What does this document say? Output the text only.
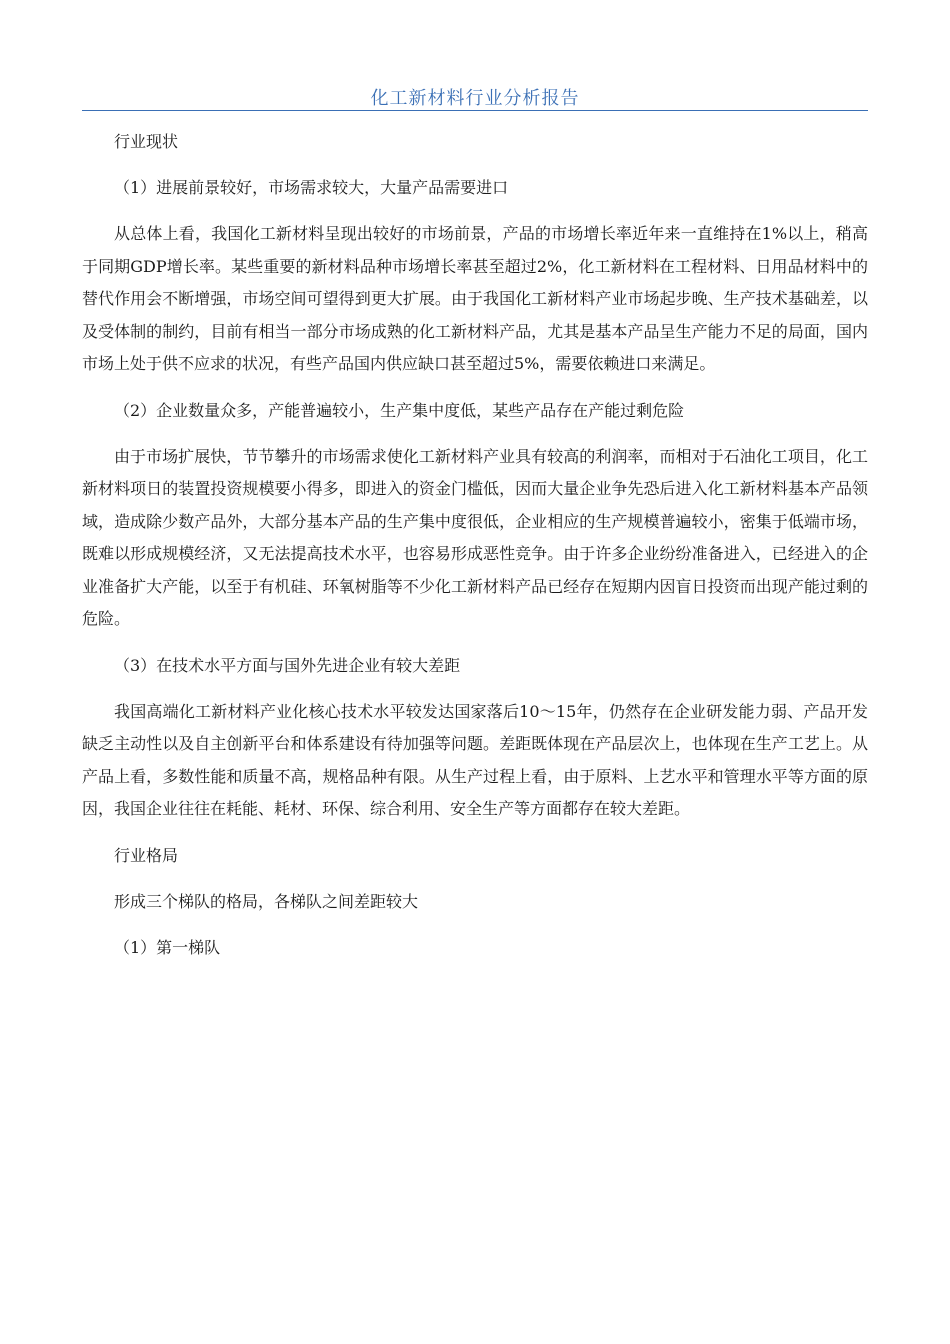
化工新材料行业分析报告

行业现状

（1）进展前景较好，市场需求较大，大量产品需要进口

从总体上看，我国化工新材料呈现出较好的市场前景，产品的市场增长率近年来一直维持在1%以上，稍高于同期GDP增长率。某些重要的新材料品种市场增长率甚至超过2%，化工新材料在工程材料、日用品材料中的替代作用会不断增强，市场空间可望得到更大扩展。由于我国化工新材料产业市场起步晚、生产技术基础差，以及受体制的制约，目前有相当一部分市场成熟的化工新材料产品，尤其是基本产品呈生产能力不足的局面，国内市场上处于供不应求的状况，有些产品国内供应缺口甚至超过5%，需要依赖进口来满足。

（2）企业数量众多，产能普遍较小，生产集中度低，某些产品存在产能过剩危险

由于市场扩展快，节节攀升的市场需求使化工新材料产业具有较高的利润率，而相对于石油化工项目，化工新材料项日的装置投资规模要小得多，即进入的资金门槛低，因而大量企业争先恐后进入化工新材料基本产品领域，造成除少数产品外，大部分基本产品的生产集中度很低，企业相应的生产规模普遍较小，密集于低端市场，既难以形成规模经济，又无法提高技术水平，也容易形成恶性竞争。由于许多企业纷纷准备进入，已经进入的企业准备扩大产能，以至于有机硅、环氧树脂等不少化工新材料产品已经存在短期内因盲日投资而出现产能过剩的危险。

（3）在技术水平方面与国外先进企业有较大差距

我国高端化工新材料产业化核心技术水平较发达国家落后10～15年，仍然存在企业研发能力弱、产品开发缺乏主动性以及自主创新平台和体系建设有待加强等问题。差距既体现在产品层次上，也体现在生产工艺上。从产品上看，多数性能和质量不高，规格品种有限。从生产过程上看，由于原料、上艺水平和管理水平等方面的原因，我国企业往往在耗能、耗材、环保、综合利用、安全生产等方面都存在较大差距。

行业格局

形成三个梯队的格局，各梯队之间差距较大

（1）第一梯队
